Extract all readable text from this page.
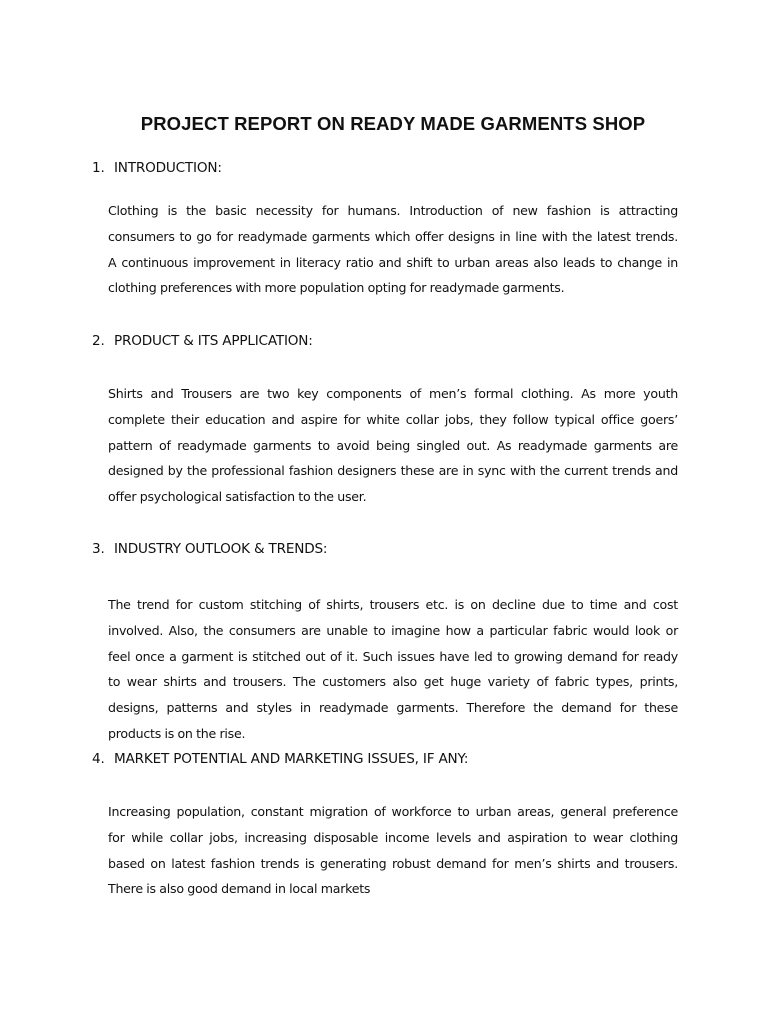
PROJECT REPORT ON READY MADE GARMENTS SHOP
1. INTRODUCTION:
Clothing is the basic necessity for humans. Introduction of new fashion is attracting
consumers to go for readymade garments which offer designs in line with the latest trends.
A continuous improvement in literacy ratio and shift to urban areas also leads to change in
clothing preferences with more population opting for readymade garments.
2. PRODUCT & ITS APPLICATION:
Shirts and Trousers are two key components of men’s formal clothing. As more youth
complete their education and aspire for white collar jobs, they follow typical office goers’
pattern of readymade garments to avoid being singled out. As readymade garments are
designed by the professional fashion designers these are in sync with the current trends and
offer psychological satisfaction to the user.
3. INDUSTRY OUTLOOK & TRENDS:
The trend for custom stitching of shirts, trousers etc. is on decline due to time and cost
involved. Also, the consumers are unable to imagine how a particular fabric would look or
feel once a garment is stitched out of it. Such issues have led to growing demand for ready
to wear shirts and trousers. The customers also get huge variety of fabric types, prints,
designs, patterns and styles in readymade garments. Therefore the demand for these
products is on the rise.
4. MARKET POTENTIAL AND MARKETING ISSUES, IF ANY:
Increasing population, constant migration of workforce to urban areas, general preference
for while collar jobs, increasing disposable income levels and aspiration to wear clothing
based on latest fashion trends is generating robust demand for men’s shirts and trousers.
There is also good demand in local markets
